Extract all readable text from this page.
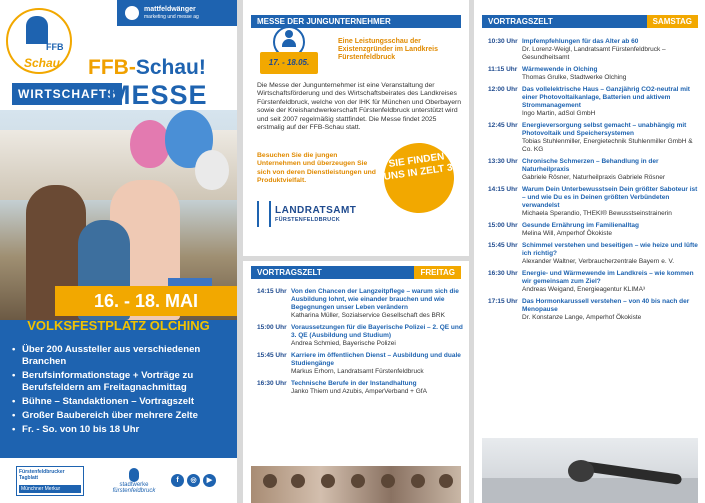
FFB
Schau
mattfeldwänger
marketing und messe ag
FFB-Schau!
WIRTSCHAFTS
MESSE
16. - 18. MAI
VOLKSFESTPLATZ OLCHING
• Über 200 Aussteller aus verschiedenen Branchen
• Berufsinformationstage + Vorträge zu Berufsfeldern am Freitagnachmittag
• Bühne – Standaktionen – Vortragszelt
• Großer Baubereich über mehrere Zelte
• Fr. - So. von 10 bis 18 Uhr
Fürstenfeldbrucker Tagblatt
Münchner Merkur
stadtwerke
fürstenfeldbruck
f	◎	▶
MESSE DER JUNGUNTERNEHMER
17. - 18.05.
Eine Leistungsschau der Existenzgründer im Landkreis Fürstenfeldbruck
Die Messe der Jungunternehmer ist eine Veranstaltung der Wirtschaftsförderung und des Wirtschaftsbeirates des Landkreises Fürstenfeldbruck, welche von der IHK für München und Oberbayern sowie der Kreishandwerkerschaft Fürstenfeldbruck unterstützt wird und seit 2007 regelmäßig stattfindet. Die Messe findet 2025 erstmalig auf der FFB-Schau statt.
Besuchen Sie die jungen Unternehmen und überzeugen Sie sich von deren Dienstleistungen und Produktvielfalt.
SIE FINDEN UNS IN ZELT 3
LANDRATSAMT
FÜRSTENFELDBRUCK
VORTRAGSZELT	FREITAG
14:15 Uhr Von den Chancen der Langzeitpflege – warum sich die Ausbildung lohnt, wie einander brauchen und wie Begegnungen unser Leben verändern
Katharina Müller, Sozialservice Gesellschaft des BRK
15:00 Uhr Voraussetzungen für die Bayerische Polizei – 2. QE und 3. QE (Ausbildung und Studium)
Andrea Schmied, Bayerische Polizei
15:45 Uhr Karriere im öffentlichen Dienst – Ausbildung und duale Studiengänge
Markus Erhorn, Landratsamt Fürstenfeldbruck
16:30 Uhr Technische Berufe in der Instandhaltung
Janko Thiem und Azubis, AmperVerband + GfA
VORTRAGSZELT	SAMSTAG
10:30 Uhr Impfempfehlungen für das Alter ab 60
Dr. Lorenz-Weigl, Landratsamt Fürstenfeldbruck – Gesundheitsamt
11:15 Uhr Wärmewende in Olching
Thomas Grulke, Stadtwerke Olching
12:00 Uhr Das vollelektrische Haus – Ganzjährig CO2-neutral mit einer Photovoltaikanlage, Batterien und aktivem Strommanagement
Ingo Martin, adSol GmbH
12:45 Uhr Energieversorgung selbst gemacht – unabhängig mit Photovoltaik und Speichersystemen
Tobias Stuhlenmiller, Energietechnik Stuhlenmiller GmbH & Co. KG
13:30 Uhr Chronische Schmerzen – Behandlung in der Naturheilpraxis
Gabriele Rösner, Naturheilpraxis Gabriele Rösner
14:15 Uhr Warum Dein Unterbewusstsein Dein größter Saboteur ist – und wie Du es in Deinen größten Verbündeten verwandelst
Michaela Sperandio, THEKI® Bewusstseinstrainerin
15:00 Uhr Gesunde Ernährung im Familienalltag
Melina Will, Amperhof Ökokiste
15:45 Uhr Schimmel verstehen und beseitigen – wie heize und lüfte ich richtig?
Alexander Waltner, Verbraucherzentrale Bayern e. V.
16:30 Uhr Energie- und Wärmewende im Landkreis – wie kommen wir gemeinsam zum Ziel?
Andreas Weigand, Energieagentur KLIMA³
17:15 Uhr Das Hormonkarussell verstehen – von 40 bis nach der Menopause
Dr. Konstanze Lange, Amperhof Ökokiste
